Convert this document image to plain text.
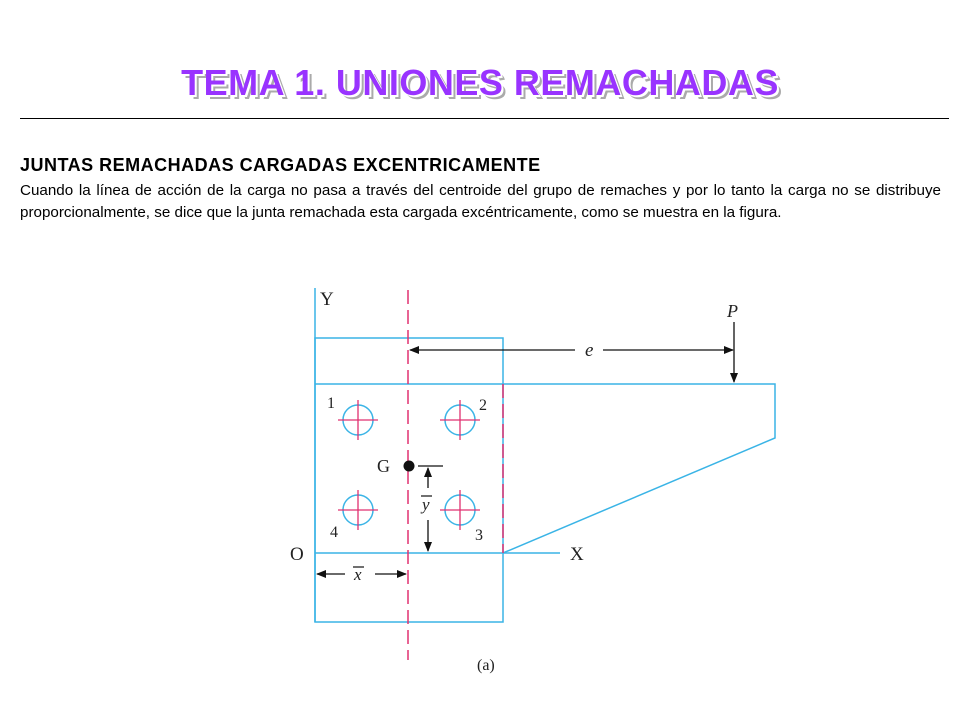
TEMA 1. UNIONES REMACHADAS
JUNTAS REMACHADAS CARGADAS EXCENTRICAMENTE
Cuando la línea de acción de la carga no pasa a través del centroide del grupo de remaches y por lo tanto la carga no se distribuye proporcionalmente, se dice que la junta remachada esta cargada excéntricamente, como se muestra en la figura.
Y
X
O
P
e
G
y
x
1	2
3
4
(a)
